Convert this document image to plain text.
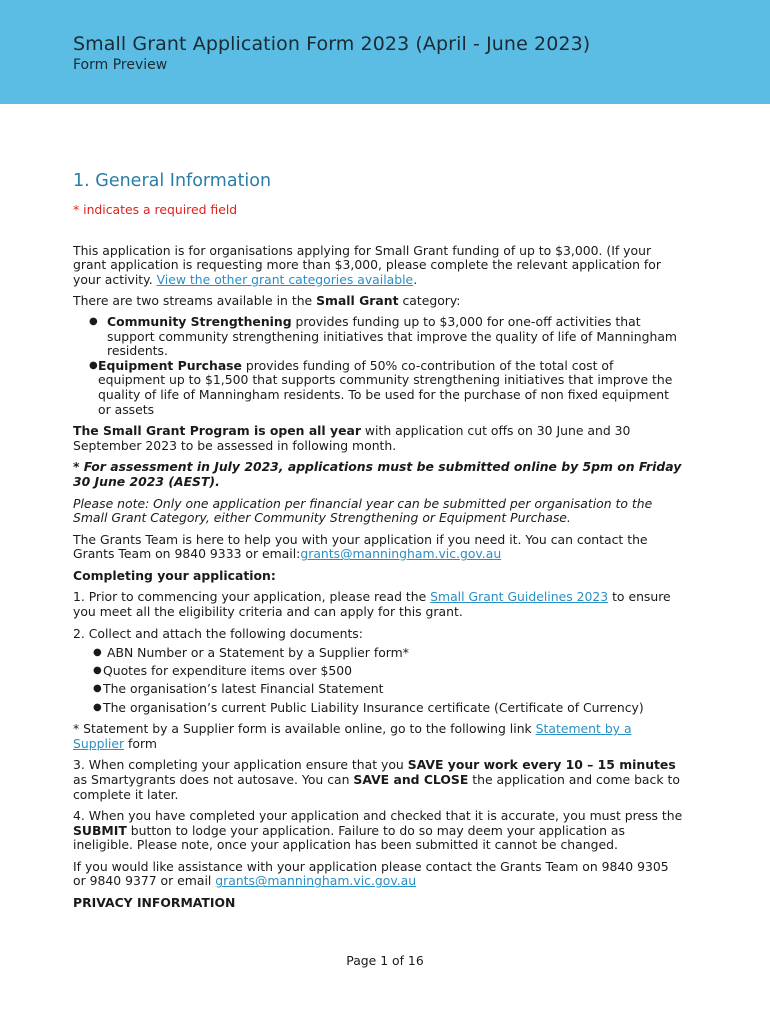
Small Grant Application Form 2023 (April - June 2023)
Form Preview
1. General Information
* indicates a required field

This application is for organisations applying for Small Grant funding of up to $3,000. (If your grant application is requesting more than $3,000, please complete the relevant application for your activity. View the other grant categories available.

There are two streams available in the Small Grant category:

● Community Strengthening provides funding up to $3,000 for one-off activities that support community strengthening initiatives that improve the quality of life of Manningham residents.
● Equipment Purchase provides funding of 50% co-contribution of the total cost of equipment up to $1,500 that supports community strengthening initiatives that improve the quality of life of Manningham residents. To be used for the purchase of non fixed equipment or assets

The Small Grant Program is open all year with application cut offs on 30 June and 30 September 2023 to be assessed in following month.

* For assessment in July 2023, applications must be submitted online by 5pm on Friday 30 June 2023 (AEST).

Please note: Only one application per financial year can be submitted per organisation to the Small Grant Category, either Community Strengthening or Equipment Purchase.

The Grants Team is here to help you with your application if you need it. You can contact the Grants Team on 9840 9333 or email:grants@manningham.vic.gov.au

Completing your application:

1. Prior to commencing your application, please read the Small Grant Guidelines 2023 to ensure you meet all the eligibility criteria and can apply for this grant.

2. Collect and attach the following documents:

● ABN Number or a Statement by a Supplier form*
● Quotes for expenditure items over $500
● The organisation’s latest Financial Statement
● The organisation’s current Public Liability Insurance certificate (Certificate of Currency)

* Statement by a Supplier form is available online, go to the following link Statement by a Supplier form

3. When completing your application ensure that you SAVE your work every 10 – 15 minutes as Smartygrants does not autosave. You can SAVE and CLOSE the application and come back to complete it later.

4. When you have completed your application and checked that it is accurate, you must press the SUBMIT button to lodge your application. Failure to do so may deem your application as ineligible. Please note, once your application has been submitted it cannot be changed.

If you would like assistance with your application please contact the Grants Team on 9840 9305 or 9840 9377 or email grants@manningham.vic.gov.au

PRIVACY INFORMATION

Page 1 of 16
